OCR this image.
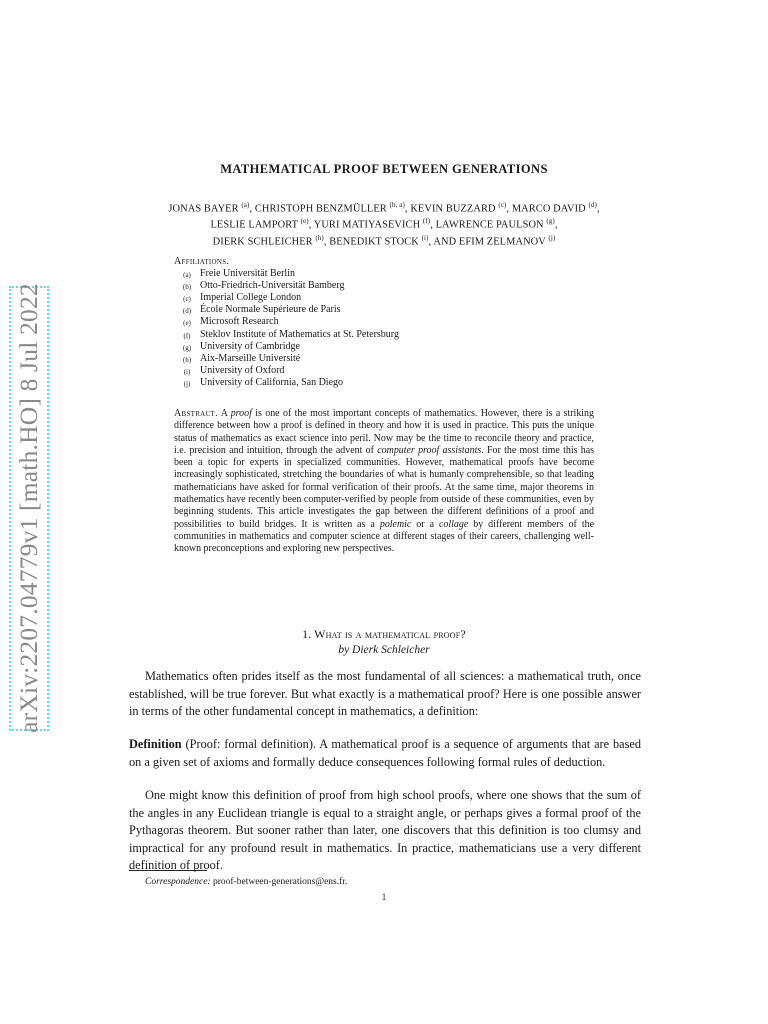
arXiv:2207.04779v1 [math.HO] 8 Jul 2022
MATHEMATICAL PROOF BETWEEN GENERATIONS
JONAS BAYER $^{(a)}$, CHRISTOPH BENZMÜLLER $^{(b, a)}$, KEVIN BUZZARD $^{(c)}$, MARCO DAVID $^{(d)}$,
LESLIE LAMPORT $^{(e)}$, YURI MATIYASEVICH $^{(f)}$, LAWRENCE PAULSON $^{(g)}$,
DIERK SCHLEICHER $^{(h)}$, BENEDIKT STOCK $^{(i)}$, AND EFIM ZELMANOV $^{(j)}$
Affiliations.
(a) Freie Universität Berlin
(b) Otto-Friedrich-Universität Bamberg
(c) Imperial College London
(d) École Normale Supérieure de Paris
(e) Microsoft Research
(f) Steklov Institute of Mathematics at St. Petersburg
(g) University of Cambridge
(h) Aix-Marseille Université
(i) University of Oxford
(j) University of California, San Diego
Abstract. A proof is one of the most important concepts of mathematics. However, there is a striking difference between how a proof is defined in theory and how it is used in practice. This puts the unique status of mathematics as exact science into peril. Now may be the time to reconcile theory and practice, i.e. precision and intuition, through the advent of computer proof assistants. For the most time this has been a topic for experts in specialized communities. However, mathematical proofs have become increasingly sophisticated, stretching the boundaries of what is humanly comprehensible, so that leading mathematicians have asked for formal verification of their proofs. At the same time, major theorems in mathematics have recently been computer-verified by people from outside of these communities, even by beginning students. This article investigates the gap between the different definitions of a proof and possibilities to build bridges. It is written as a polemic or a collage by different members of the communities in mathematics and computer science at different stages of their careers, challenging well-known preconceptions and exploring new perspectives.
1. What is a mathematical proof?
by Dierk Schleicher
Mathematics often prides itself as the most fundamental of all sciences: a mathematical truth, once established, will be true forever. But what exactly is a mathematical proof? Here is one possible answer in terms of the other fundamental concept in mathematics, a definition:
Definition (Proof: formal definition). A mathematical proof is a sequence of arguments that are based on a given set of axioms and formally deduce consequences following formal rules of deduction.
One might know this definition of proof from high school proofs, where one shows that the sum of the angles in any Euclidean triangle is equal to a straight angle, or perhaps gives a formal proof of the Pythagoras theorem. But sooner rather than later, one discovers that this definition is too clumsy and impractical for any profound result in mathematics. In practice, mathematicians use a very different definition of proof.
Correspondence: proof-between-generations@ens.fr.
1
